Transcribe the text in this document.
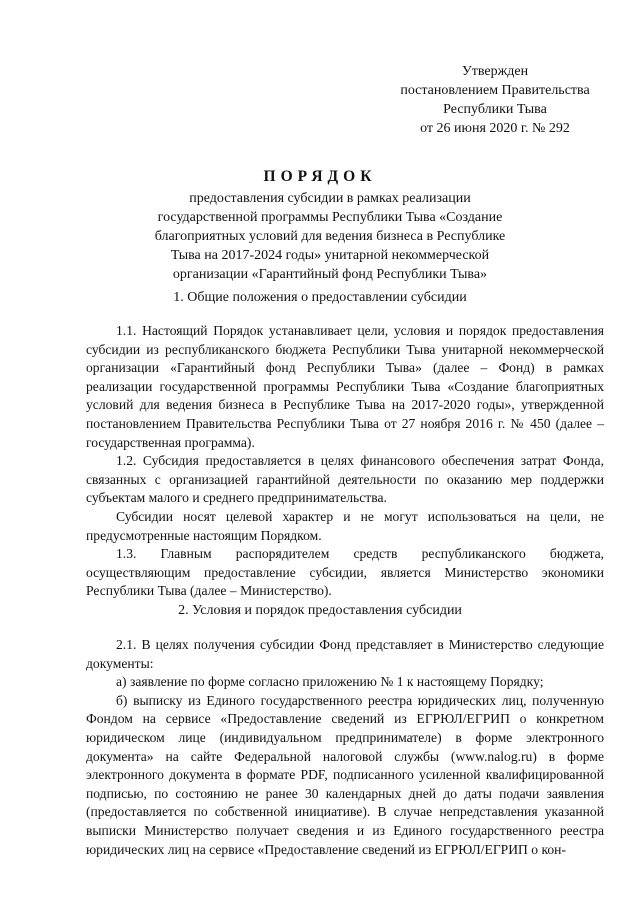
Утвержден
постановлением Правительства
Республики Тыва
от 26 июня 2020 г. № 292
ПОРЯДОК
предоставления субсидии в рамках реализации
государственной программы Республики Тыва «Создание
благоприятных условий для ведения бизнеса в Республике
Тыва на 2017-2024 годы» унитарной некоммерческой
организации «Гарантийный фонд Республики Тыва»
1. Общие положения о предоставлении субсидии

1.1. Настоящий Порядок устанавливает цели, условия и порядок предоставления субсидии из республиканского бюджета Республики Тыва унитарной некоммерческой организации «Гарантийный фонд Республики Тыва» (далее – Фонд) в рамках реализации государственной программы Республики Тыва «Создание благоприятных условий для ведения бизнеса в Республике Тыва на 2017-2020 годы», утвержденной постановлением Правительства Республики Тыва от 27 ноября 2016 г. № 450 (далее – государственная программа).

1.2. Субсидия предоставляется в целях финансового обеспечения затрат Фонда, связанных с организацией гарантийной деятельности по оказанию мер поддержки субъектам малого и среднего предпринимательства.

Субсидии носят целевой характер и не могут использоваться на цели, не предусмотренные настоящим Порядком.

1.3. Главным распорядителем средств республиканского бюджета, осуществляющим предоставление субсидии, является Министерство экономики Республики Тыва (далее – Министерство).

2. Условия и порядок предоставления субсидии

2.1. В целях получения субсидии Фонд представляет в Министерство следующие документы:

а) заявление по форме согласно приложению № 1 к настоящему Порядку;

б) выписку из Единого государственного реестра юридических лиц, полученную Фондом на сервисе «Предоставление сведений из ЕГРЮЛ/ЕГРИП о конкретном юридическом лице (индивидуальном предпринимателе) в форме электронного документа» на сайте Федеральной налоговой службы (www.nalog.ru) в форме электронного документа в формате PDF, подписанного усиленной квалифицированной подписью, по состоянию не ранее 30 календарных дней до даты подачи заявления (предоставляется по собственной инициативе). В случае непредставления указанной выписки Министерство получает сведения и из Единого государственного реестра юридических лиц на сервисе «Предоставление сведений из ЕГРЮЛ/ЕГРИП о кон-
